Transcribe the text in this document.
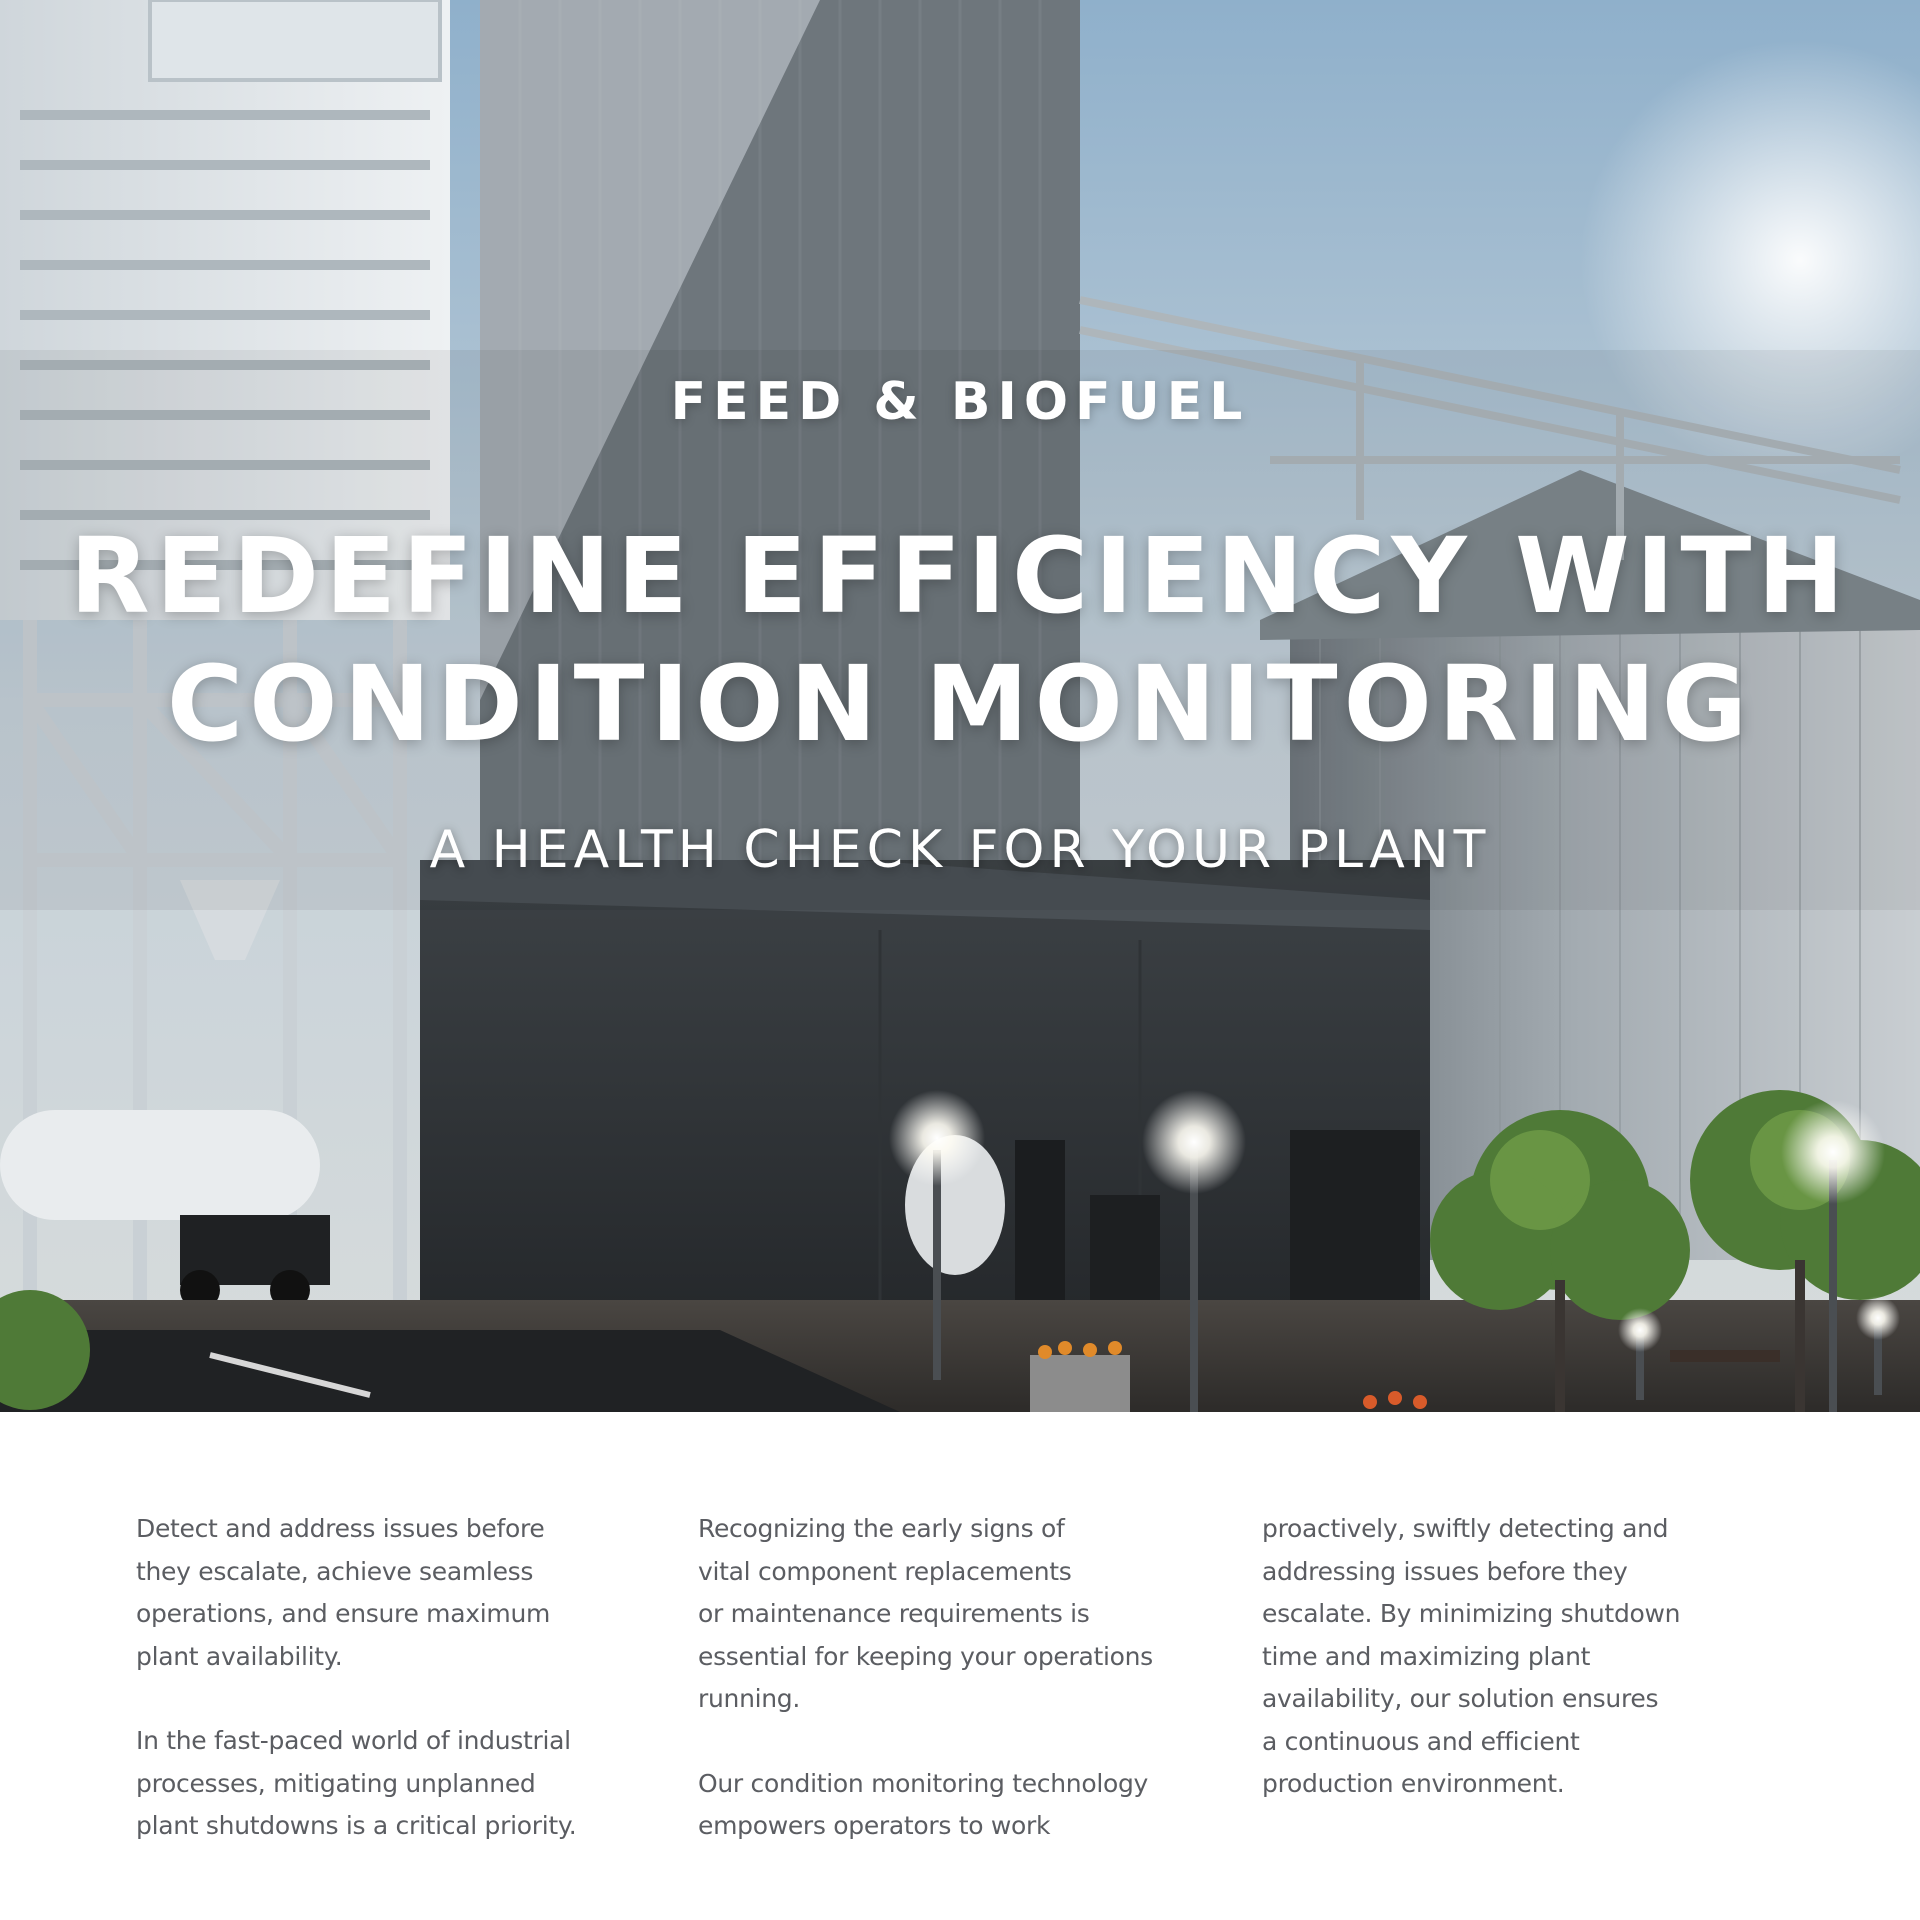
FEED & BIOFUEL
REDEFINE EFFICIENCY WITH
CONDITION MONITORING
A HEALTH CHECK FOR YOUR PLANT

Detect and address issues before
they escalate, achieve seamless
operations, and ensure maximum
plant availability.

In the fast-paced world of industrial
processes, mitigating unplanned
plant shutdowns is a critical priority.

Recognizing the early signs of
vital component replacements
or maintenance requirements is
essential for keeping your operations
running.

Our condition monitoring technology
empowers operators to work

proactively, swiftly detecting and
addressing issues before they
escalate. By minimizing shutdown
time and maximizing plant
availability, our solution ensures
a continuous and efficient
production environment.
